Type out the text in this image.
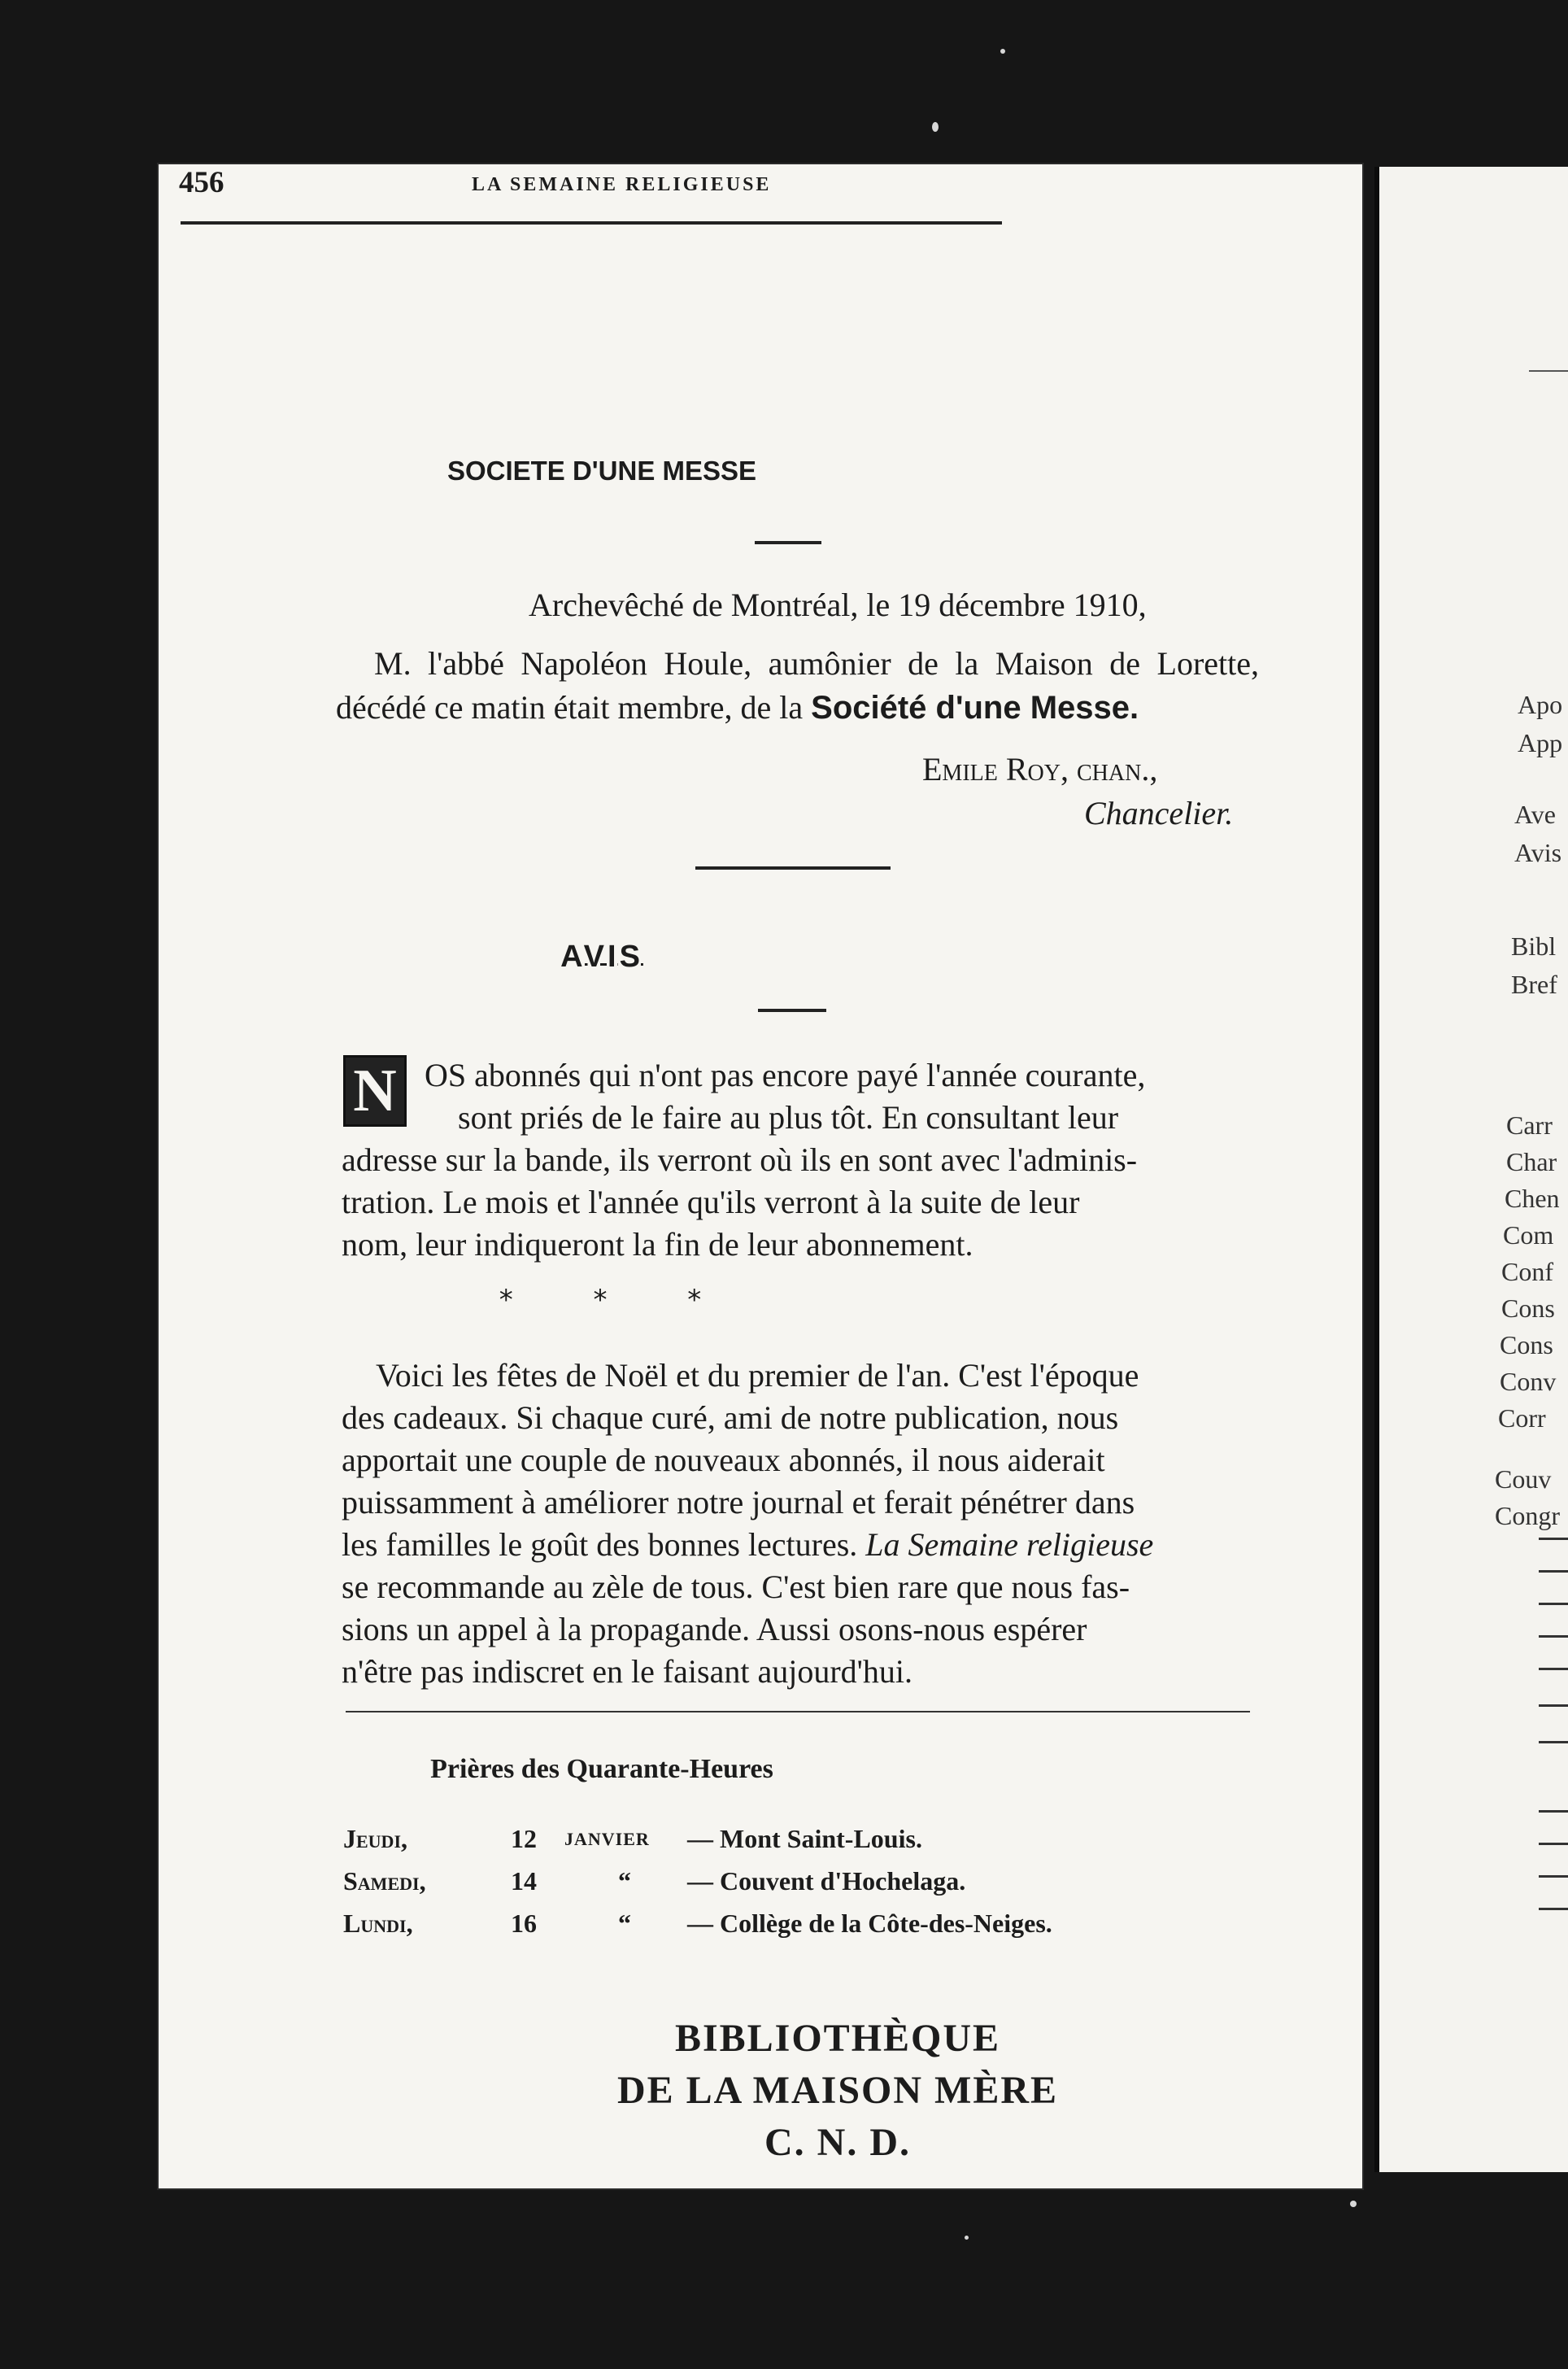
456	LA SEMAINE RELIGIEUSE
SOCIETE D'UNE MESSE
Archevêché de Montréal, le 19 décembre 1910,
M. l'abbé Napoléon Houle, aumônier de la Maison de Lorette,
décédé ce matin était membre, de la Société d'une Messe.
Emile Roy, chan.,
Chancelier.
AVIS
N OS abonnés qui n'ont pas encore payé l'année courante,
sont priés de le faire au plus tôt. En consultant leur
adresse sur la bande, ils verront où ils en sont avec l'adminis-
tration. Le mois et l'année qu'ils verront à la suite de leur
nom, leur indiqueront la fin de leur abonnement.
* * *
Voici les fêtes de Noël et du premier de l'an. C'est l'époque
des cadeaux. Si chaque curé, ami de notre publication, nous
apportait une couple de nouveaux abonnés, il nous aiderait
puissamment à améliorer notre journal et ferait pénétrer dans
les familles le goût des bonnes lectures. La Semaine religieuse
se recommande au zèle de tous. C'est bien rare que nous fas-
sions un appel à la propagande. Aussi osons-nous espérer
n'être pas indiscret en le faisant aujourd'hui.
Prières des Quarante-Heures
Jeudi,	12 JANVIER — Mont Saint-Louis.
Samedi,	14	“ — Couvent d'Hochelaga.
Lundi,	16	“ — Collège de la Côte-des-Neiges.
BIBLIOTHÈQUE
DE LA MAISON MÈRE
C. N. D.
Apo
App
Ave
Avis
Bibl
Bref
Carr
Char
Chen
Com
Conf
Cons
Cons
Conv
Corr
Couv
Congr
